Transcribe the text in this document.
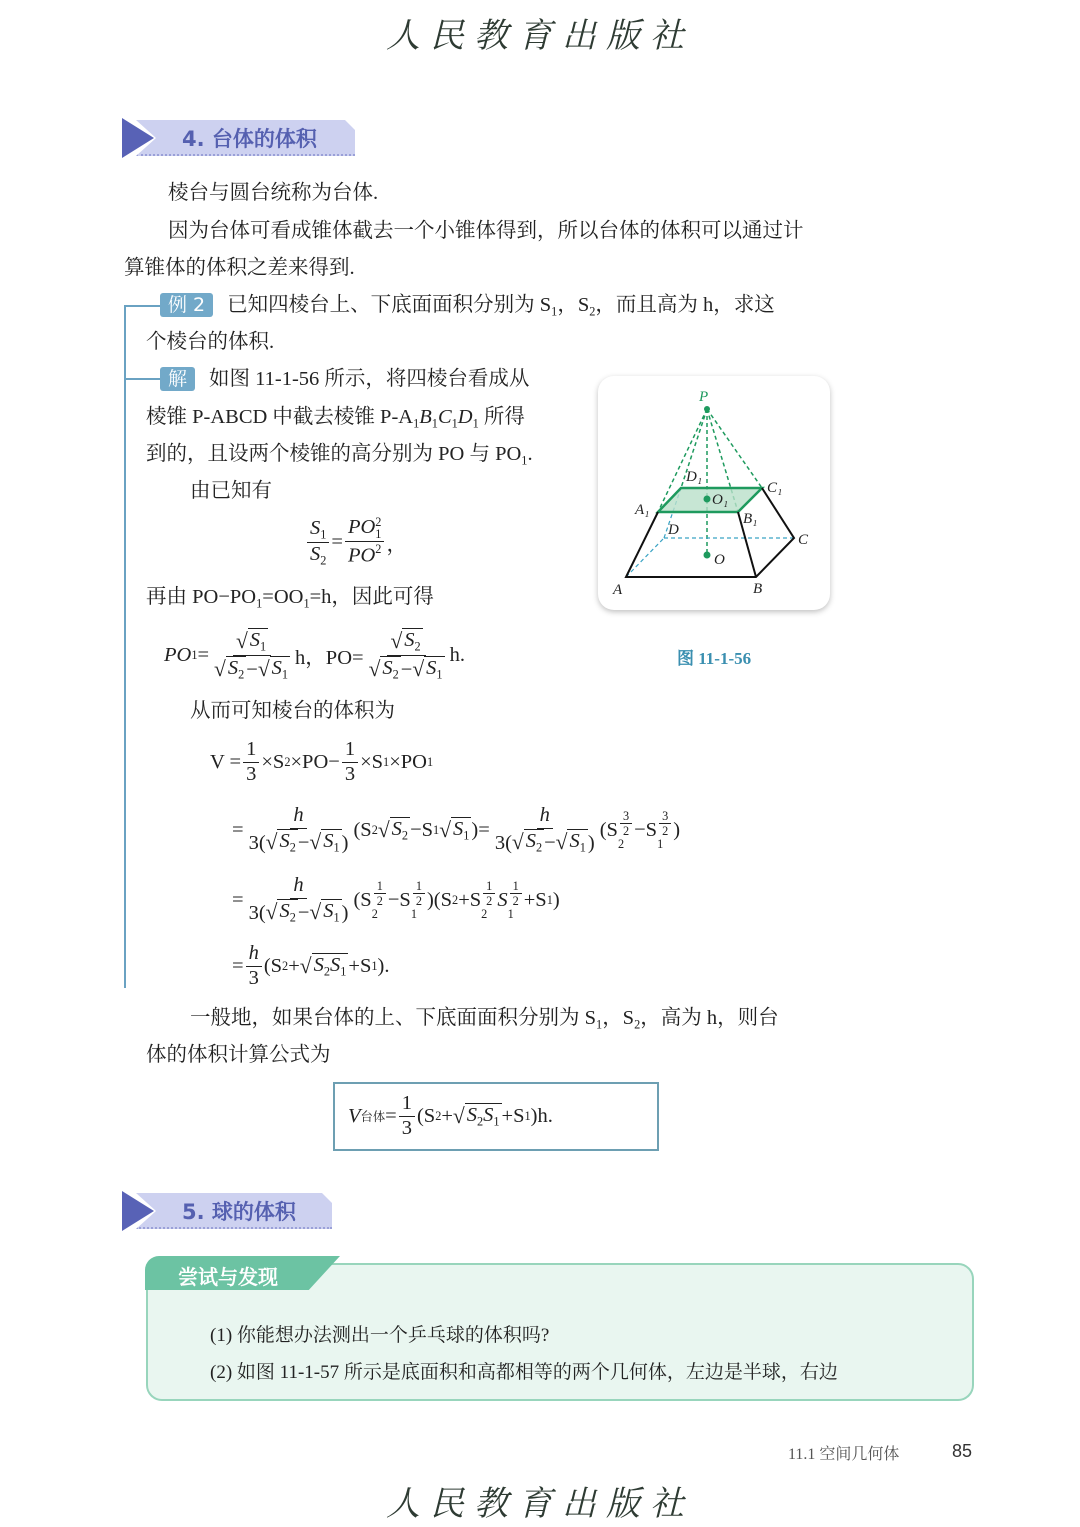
人民教育出版社
4. 台体的体积
棱台与圆台统称为台体.
因为台体可看成锥体截去一个小锥体得到，所以台体的体积可以通过计
算锥体的体积之差来得到.
例 2 已知四棱台上、下底面面积分别为 $S_1$，$S_2$，而且高为 h，求这
个棱台的体积.
解 如图 11-1-56 所示，将四棱台看成从
棱锥 P-ABCD 中截去棱锥 $P-A_1B_1C_1D_1$ 所得
到的，且设两个棱锥的高分别为 PO 与 $PO_1$.
由已知有
$\frac{S_1}{S_2}$ = PO 2
1
$PO^2$ ，
再由 $PO-PO_1=OO_1=h$，因此可得
PO $1 = \frac{√ S_1}{√ S_2 - √ S_1}$ h，$PO= \frac{√ S_2}{√ S_2 - √ S_1} h$.
从而可知棱台的体积为
$V = \frac{1}{3} \times S$ $2 \times PO- \frac{1}{3} \times S$ 1 ×PO 1
= $\frac{h}{3( √ S_2 - √ S_1 )} (S$ 2 √ $S_2 -S$ 1 √ $S_1$ )= $\frac{h}{3( √ S_2 - √ S_1 )} (S \frac{3}{2}$
2
$-S \frac{3}{2}$
1
)
= $\frac{h}{3( √ S_2 - √ S_1 )} (S \frac{1}{2}$
2
$-S \frac{1}{2}$
1
)(S $2 +S \frac{1}{2}$
2
S $\frac{1}{2}$
1
+S 1 )
= $\frac{h}{3} (S$ 2 + √ $S_2S_1 +S$ 1 ).
P
D₁
C₁
A₁
O₁
B₁
D
C
O
A	B
图 11-1-56
一般地，如果台体的上、下底面面积分别为 $S_1$，$S_2$，高为 h，则台
体的体积计算公式为
V 台体 = $\frac{1}{3} (S$ 2 + √ $S_2S_1 +S$ 1 )h.
5. 球的体积
尝试与发现
(1) 你能想办法测出一个乒乓球的体积吗?
(2) 如图 11-1-57 所示是底面积和高都相等的两个几何体，左边是半球，右边
11.1 空间几何体	85
人民教育出版社
